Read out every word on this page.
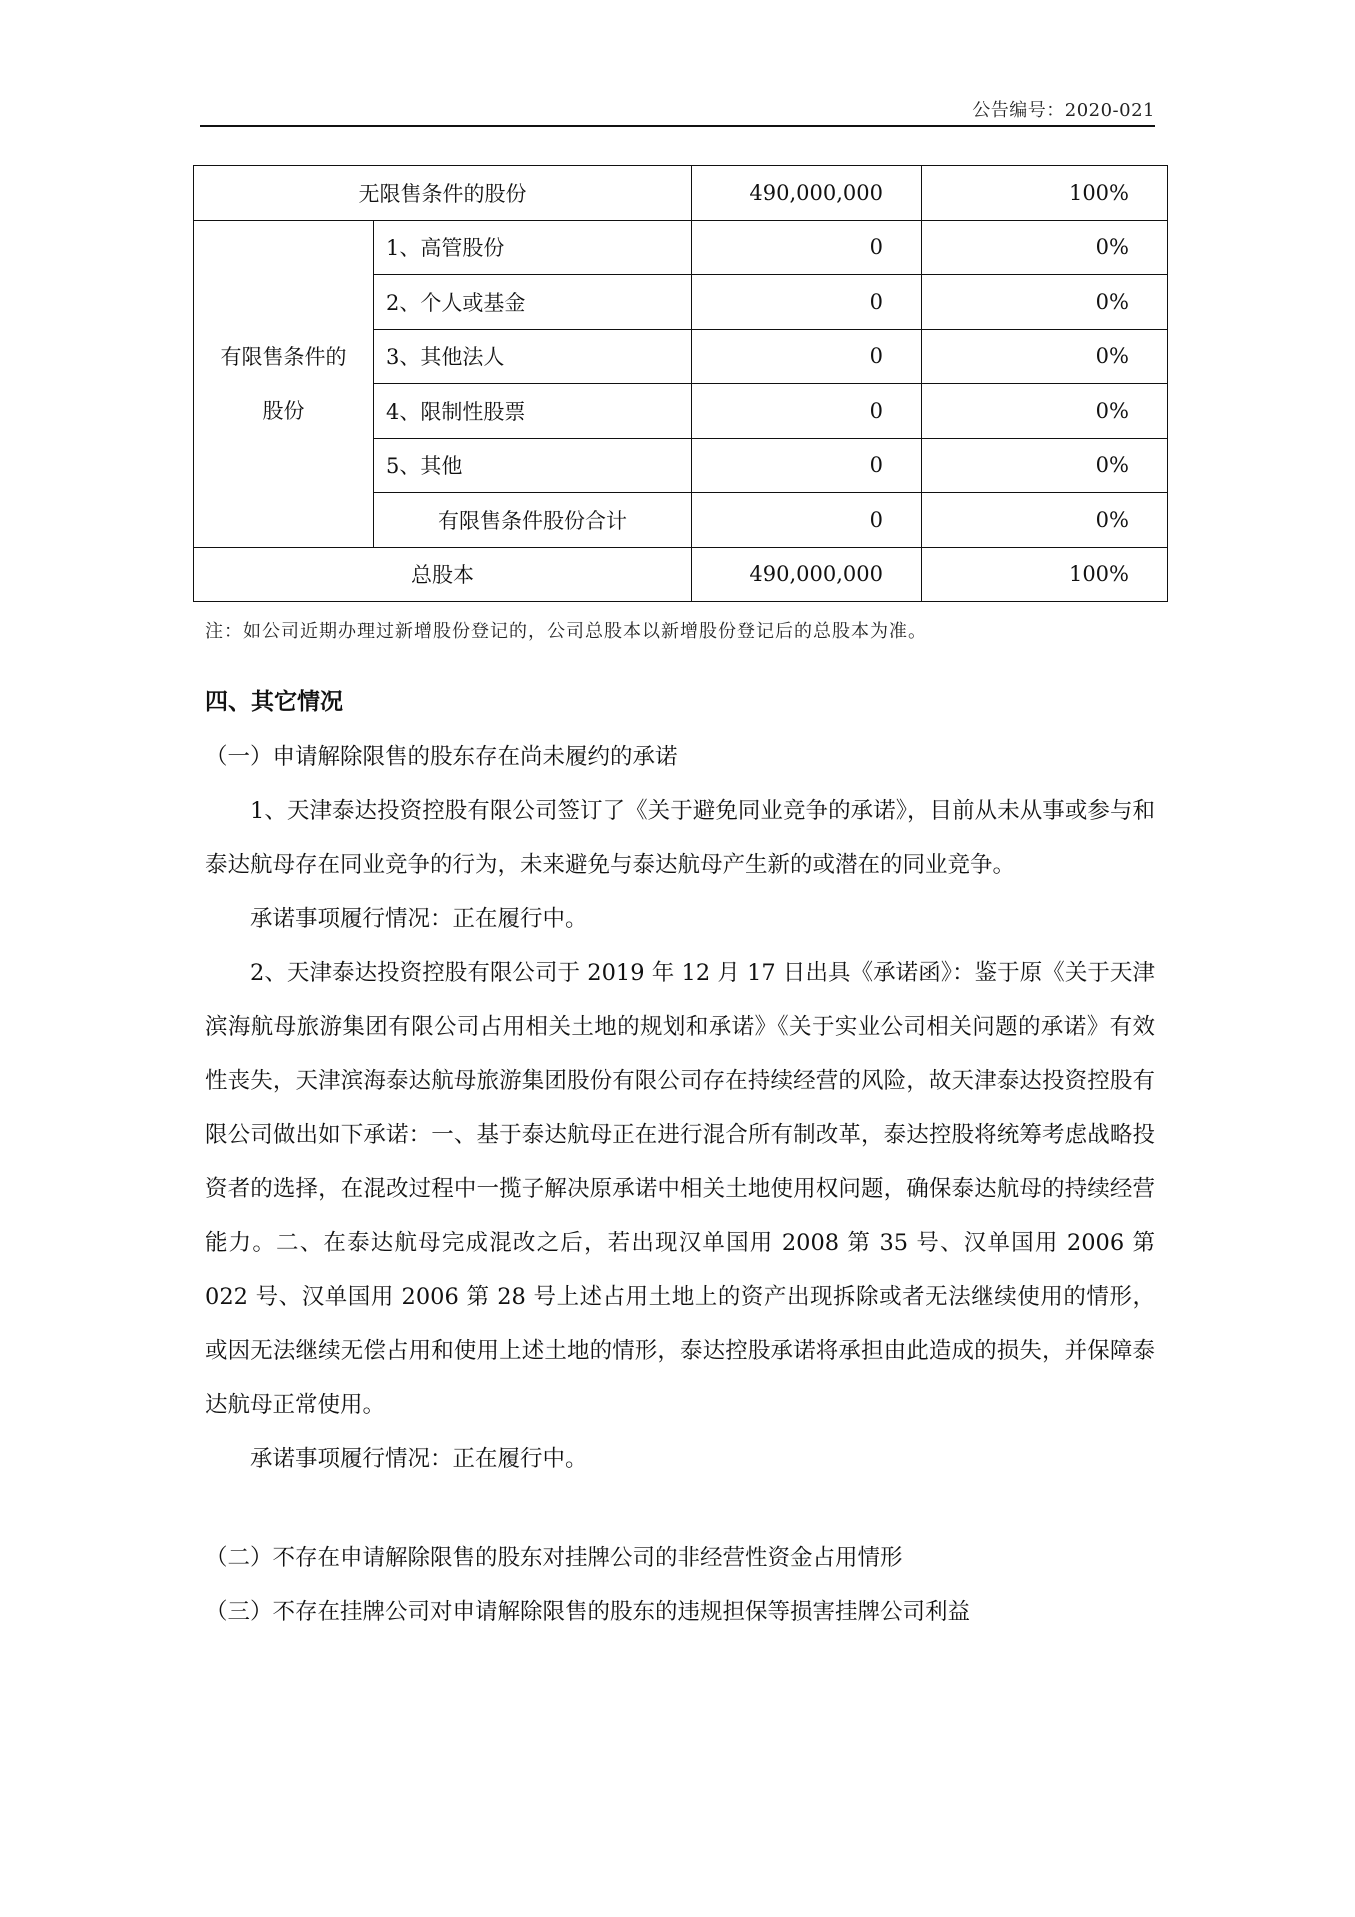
公告编号：2020-021
无限售条件的股份		490,000,000	100%
有限售条件的
股份	1、高管股份	0	0%
	2、个人或基金	0	0%
	3、其他法人	0	0%
	4、限制性股票	0	0%
	5、其他	0	0%
	有限售条件股份合计	0	0%
总股本		490,000,000	100%
注：如公司近期办理过新增股份登记的，公司总股本以新增股份登记后的总股本为准。

四、其它情况

（一）申请解除限售的股东存在尚未履约的承诺

1、天津泰达投资控股有限公司签订了《关于避免同业竞争的承诺》，目前从未从事或参与和泰达航母存在同业竞争的行为，未来避免与泰达航母产生新的或潜在的同业竞争。

承诺事项履行情况：正在履行中。

2、天津泰达投资控股有限公司于 2019 年 12 月 17 日出具《承诺函》：鉴于原《关于天津滨海航母旅游集团有限公司占用相关土地的规划和承诺》《关于实业公司相关问题的承诺》有效性丧失，天津滨海泰达航母旅游集团股份有限公司存在持续经营的风险，故天津泰达投资控股有限公司做出如下承诺：一、基于泰达航母正在进行混合所有制改革，泰达控股将统筹考虑战略投资者的选择，在混改过程中一揽子解决原承诺中相关土地使用权问题，确保泰达航母的持续经营能力。二、在泰达航母完成混改之后，若出现汉单国用 2008 第 35 号、汉单国用 2006 第 022 号、汉单国用 2006 第 28 号上述占用土地上的资产出现拆除或者无法继续使用的情形，或因无法继续无偿占用和使用上述土地的情形，泰达控股承诺将承担由此造成的损失，并保障泰达航母正常使用。

承诺事项履行情况：正在履行中。

（二）不存在申请解除限售的股东对挂牌公司的非经营性资金占用情形

（三）不存在挂牌公司对申请解除限售的股东的违规担保等损害挂牌公司利益
